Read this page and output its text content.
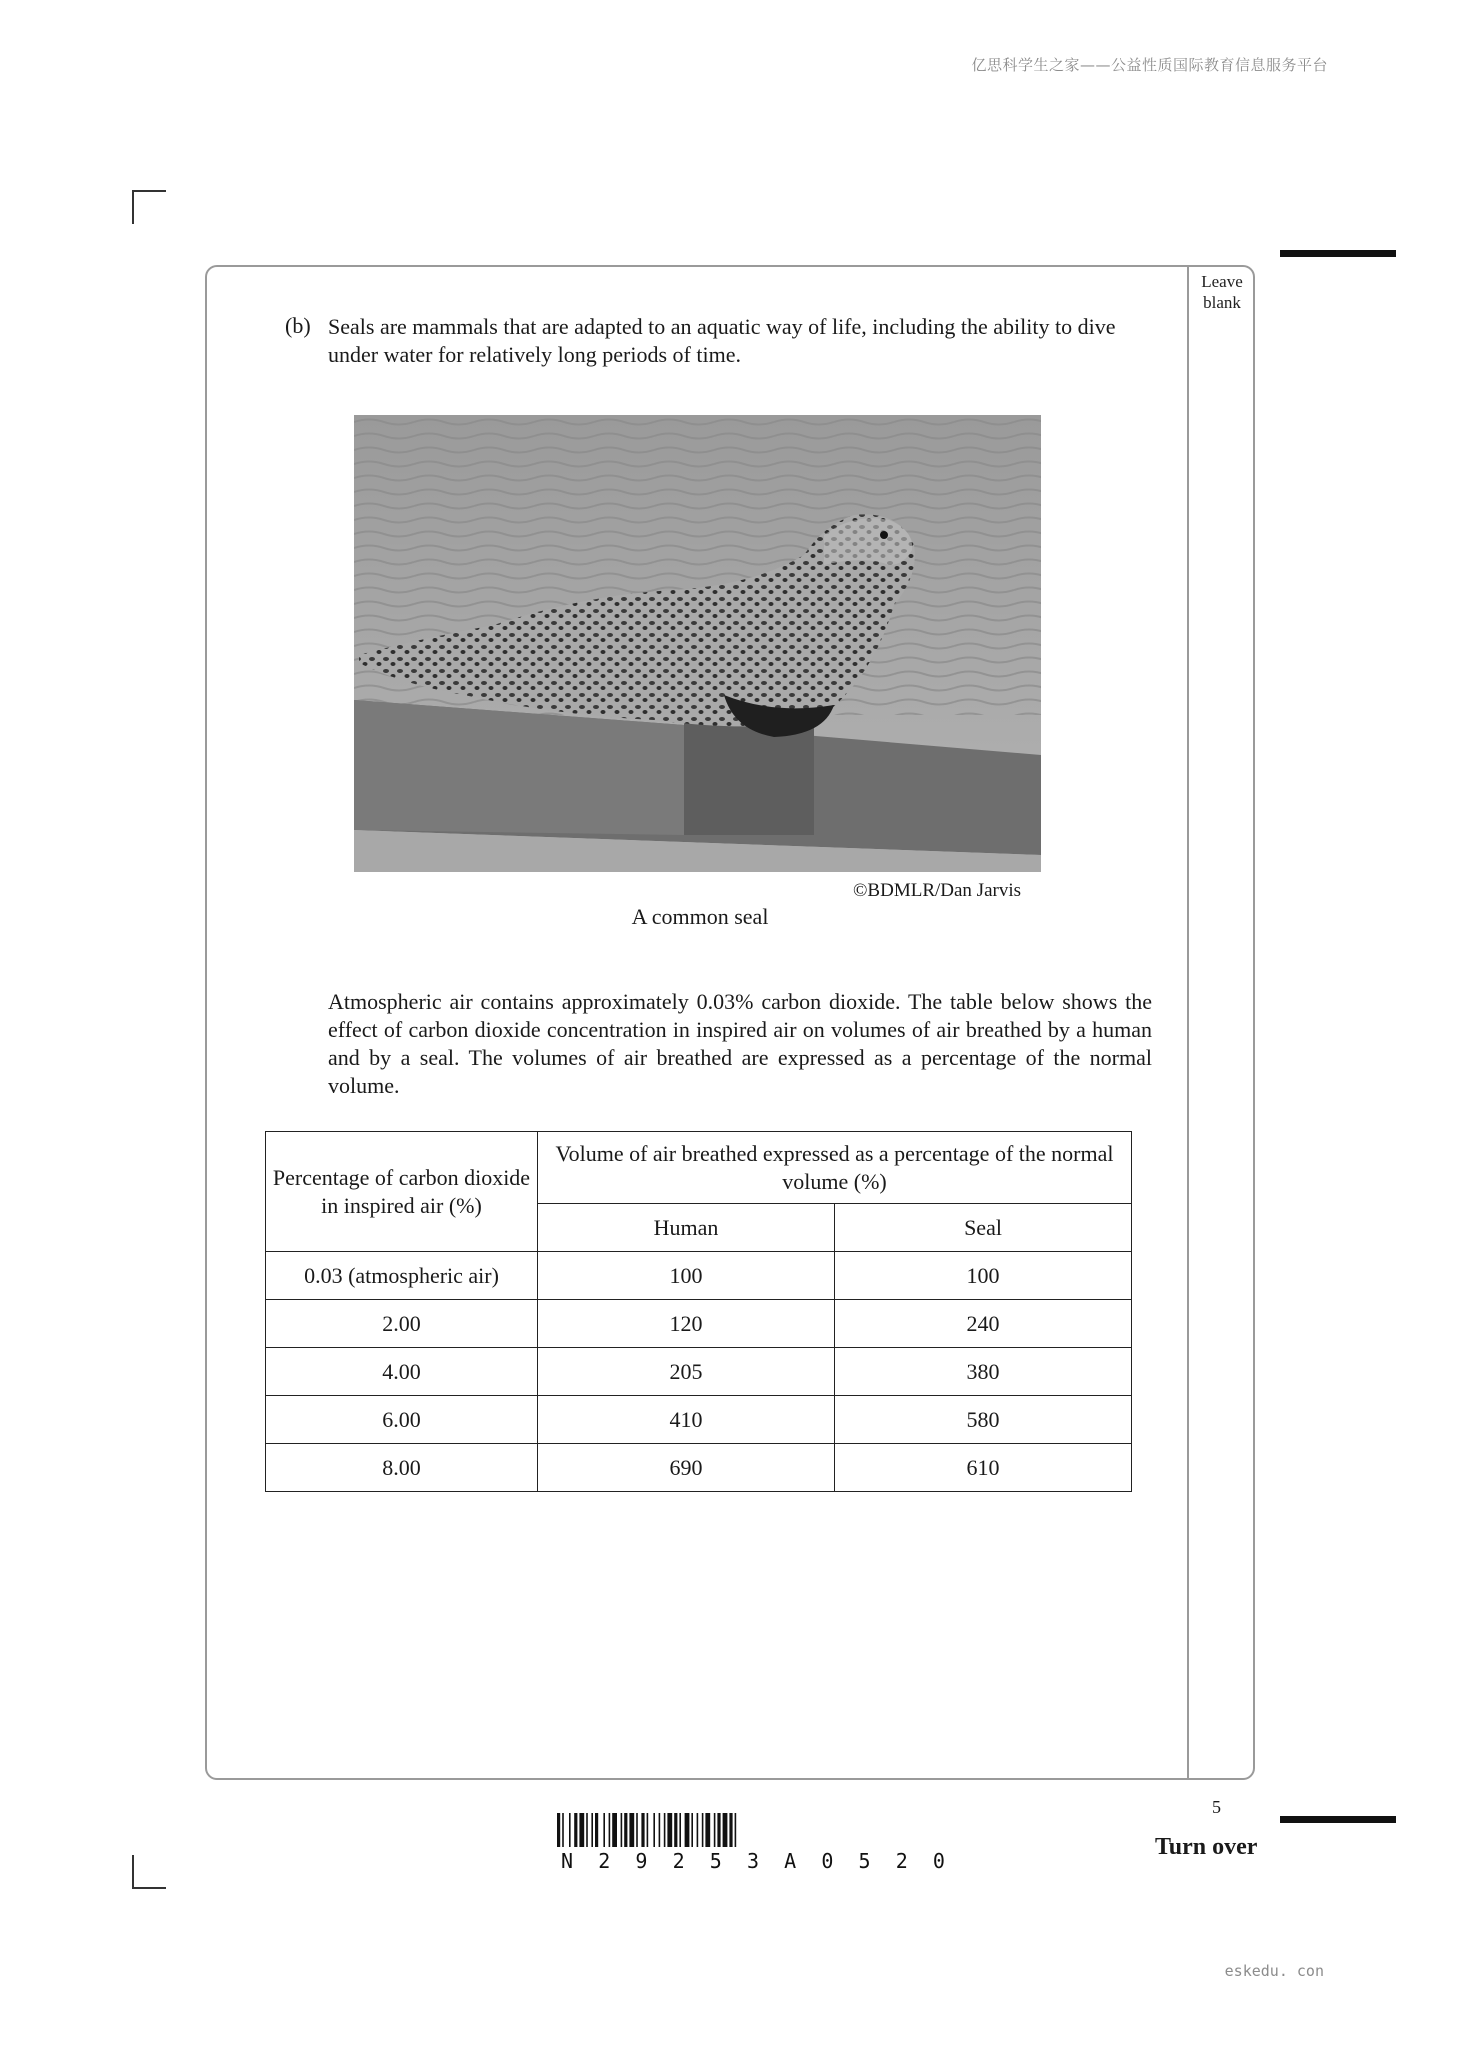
亿思科学生之家——公益性质国际教育信息服务平台
eskedu. con
Leave blank
(b) Seals are mammals that are adapted to an aquatic way of life, including the ability to dive under water for relatively long periods of time.
©BDMLR/Dan Jarvis
A common seal
Atmospheric air contains approximately 0.03% carbon dioxide. The table below shows the effect of carbon dioxide concentration in inspired air on volumes of air breathed by a human and by a seal. The volumes of air breathed are expressed as a percentage of the normal volume.
Percentage of carbon dioxide in inspired air (%)	Volume of air breathed expressed as a percentage of the normal volume (%)	
	Human	Seal
0.03 (atmospheric air)	100	100
2.00	120	240
4.00	205	380
6.00	410	580
8.00	690	610
5
Turn over
N 2 9 2 5 3 A 0 5 2 0
